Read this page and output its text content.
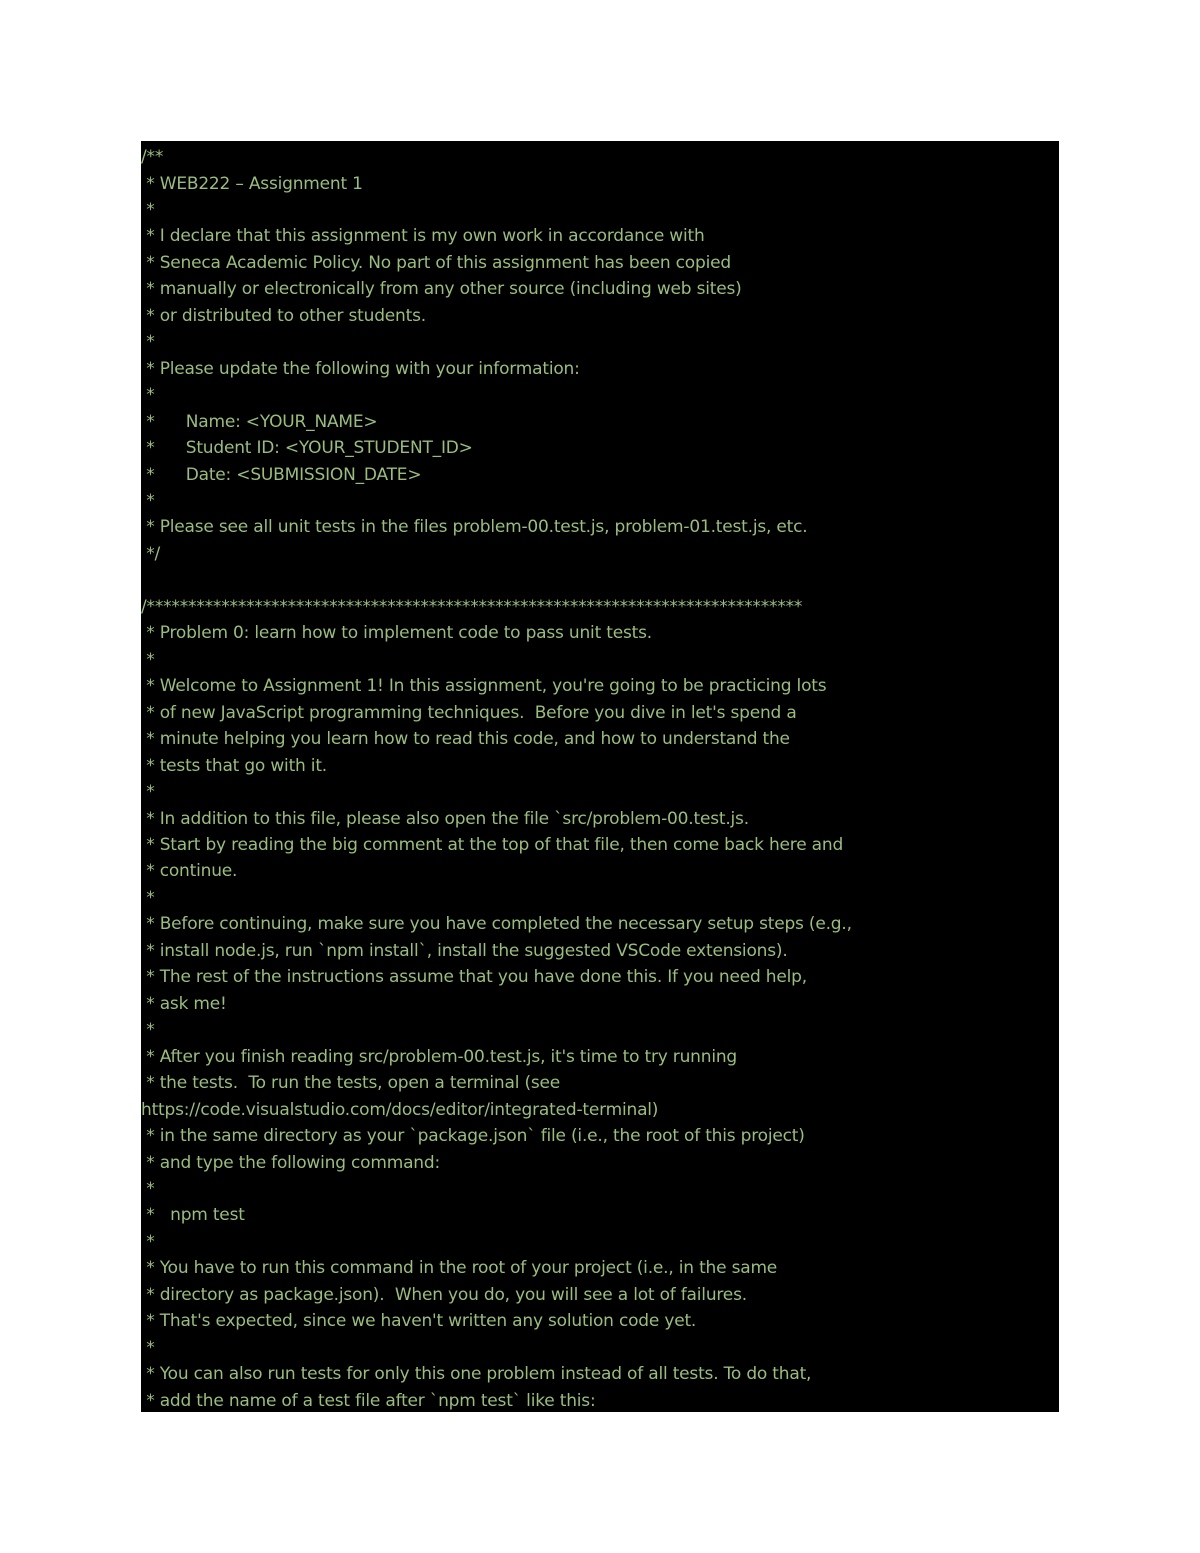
/**
* WEB222 – Assignment 1
*
* I declare that this assignment is my own work in accordance with
* Seneca Academic Policy. No part of this assignment has been copied
* manually or electronically from any other source (including web sites)
* or distributed to other students.
*
* Please update the following with your information:
*
*      Name: <YOUR_NAME>
*      Student ID: <YOUR_STUDENT_ID>
*      Date: <SUBMISSION_DATE>
*
* Please see all unit tests in the files problem-00.test.js, problem-01.test.js, etc.
*/
/*******************************************************************************
* Problem 0: learn how to implement code to pass unit tests.
*
* Welcome to Assignment 1! In this assignment, you're going to be practicing lots
* of new JavaScript programming techniques.  Before you dive in let's spend a
* minute helping you learn how to read this code, and how to understand the
* tests that go with it.
*
* In addition to this file, please also open the file `src/problem-00.test.js.
* Start by reading the big comment at the top of that file, then come back here and
* continue.
*
* Before continuing, make sure you have completed the necessary setup steps (e.g.,
* install node.js, run `npm install`, install the suggested VSCode extensions).
* The rest of the instructions assume that you have done this. If you need help,
* ask me!
*
* After you finish reading src/problem-00.test.js, it's time to try running
* the tests.  To run the tests, open a terminal (see
https://code.visualstudio.com/docs/editor/integrated-terminal)
* in the same directory as your `package.json` file (i.e., the root of this project)
* and type the following command:
*
*   npm test
*
* You have to run this command in the root of your project (i.e., in the same
* directory as package.json).  When you do, you will see a lot of failures.
* That's expected, since we haven't written any solution code yet.
*
* You can also run tests for only this one problem instead of all tests. To do that,
* add the name of a test file after `npm test` like this:
